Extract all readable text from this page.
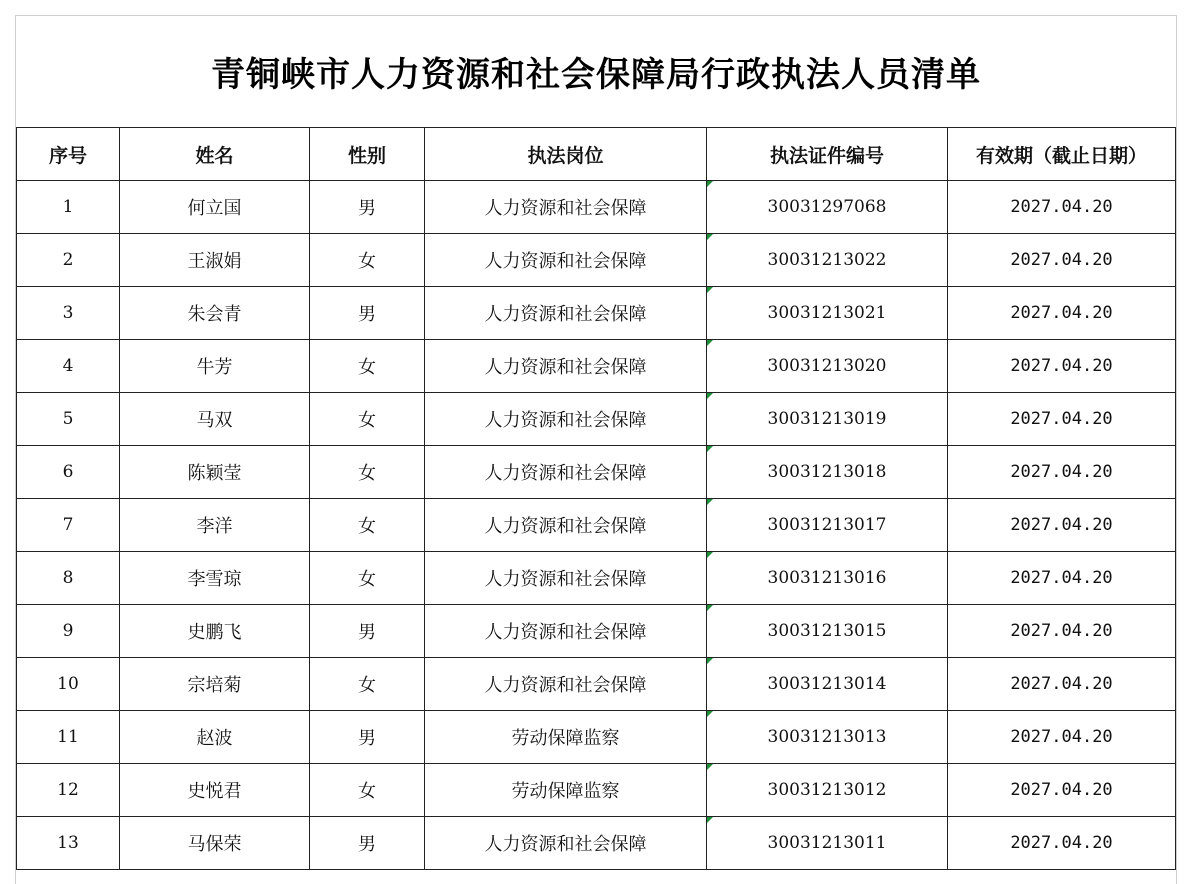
青铜峡市人力资源和社会保障局行政执法人员清单
序号	姓名	性别	执法岗位	执法证件编号	有效期（截止日期）
1	何立国	男	人力资源和社会保障	30031297068	2027.04.20
2	王淑娟	女	人力资源和社会保障	30031213022	2027.04.20
3	朱会青	男	人力资源和社会保障	30031213021	2027.04.20
4	牛芳	女	人力资源和社会保障	30031213020	2027.04.20
5	马双	女	人力资源和社会保障	30031213019	2027.04.20
6	陈颖莹	女	人力资源和社会保障	30031213018	2027.04.20
7	李洋	女	人力资源和社会保障	30031213017	2027.04.20
8	李雪琼	女	人力资源和社会保障	30031213016	2027.04.20
9	史鹏飞	男	人力资源和社会保障	30031213015	2027.04.20
10	宗培菊	女	人力资源和社会保障	30031213014	2027.04.20
11	赵波	男	劳动保障监察	30031213013	2027.04.20
12	史悦君	女	劳动保障监察	30031213012	2027.04.20
13	马保荣	男	人力资源和社会保障	30031213011	2027.04.20
